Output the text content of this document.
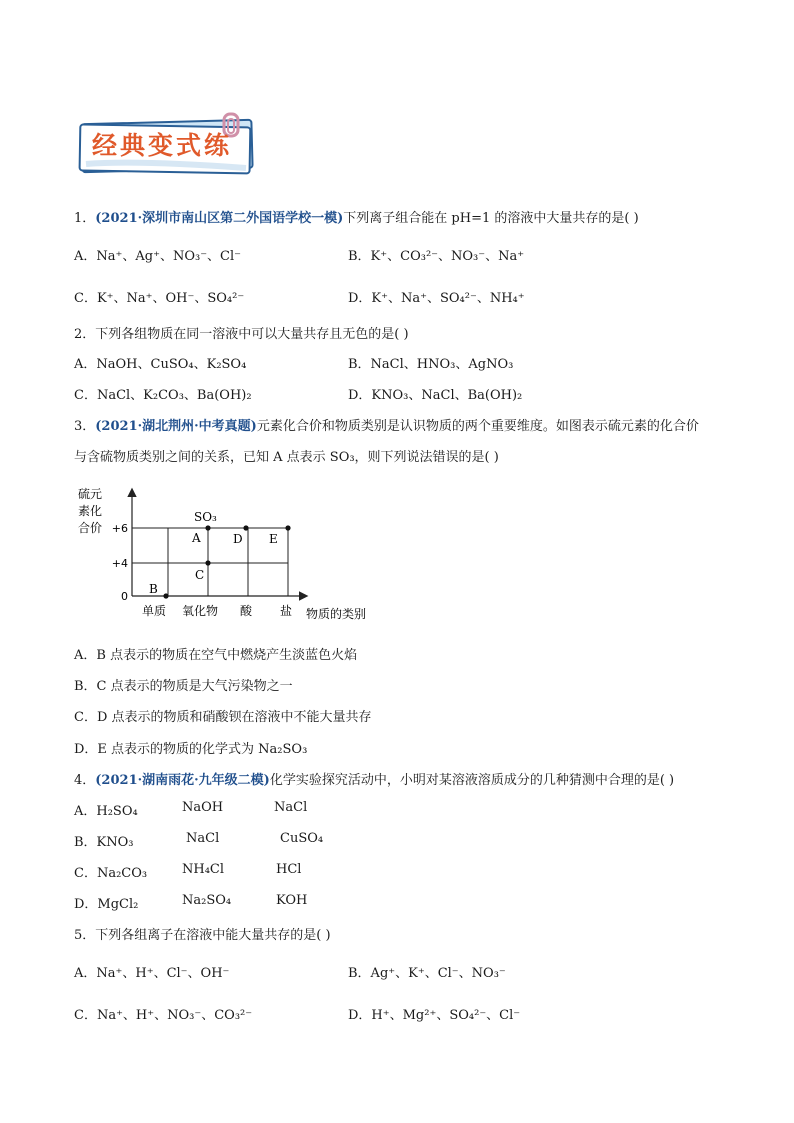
经典变式练
1．(2021·深圳市南山区第二外国语学校一模)下列离子组合能在 pH=1 的溶液中大量共存的是( )
A．Na⁺、Ag⁺、NO₃⁻、Cl⁻	B．K⁺、CO₃²⁻、NO₃⁻、Na⁺
C．K⁺、Na⁺、OH⁻、SO₄²⁻	D．K⁺、Na⁺、SO₄²⁻、NH₄⁺
2．下列各组物质在同一溶液中可以大量共存且无色的是( )
A．NaOH、CuSO₄、K₂SO₄	B．NaCl、HNO₃、AgNO₃
C．NaCl、K₂CO₃、Ba(OH)₂	D．KNO₃、NaCl、Ba(OH)₂
3．(2021·湖北荆州·中考真题)元素化合价和物质类别是认识物质的两个重要维度。如图表示硫元素的化合价
与含硫物质类别之间的关系，已知 A 点表示 SO₃，则下列说法错误的是( )
硫元
素化
合价 +6
+4
0
单质 氧化物 酸 盐 物质的类别
A
B
C
D E
SO₃
A．B 点表示的物质在空气中燃烧产生淡蓝色火焰
B．C 点表示的物质是大气污染物之一
C．D 点表示的物质和硝酸钡在溶液中不能大量共存
D．E 点表示的物质的化学式为 Na₂SO₃
4．(2021·湖南雨花·九年级二模)化学实验探究活动中，小明对某溶液溶质成分的几种猜测中合理的是( )
A．H₂SO₄	NaOH	NaCl
B．KNO₃	NaCl	CuSO₄
C．Na₂CO₃	NH₄Cl	HCl
D．MgCl₂	Na₂SO₄	KOH
5．下列各组离子在溶液中能大量共存的是( )
A．Na⁺、H⁺、Cl⁻、OH⁻	B．Ag⁺、K⁺、Cl⁻、NO₃⁻
C．Na⁺、H⁺、NO₃⁻、CO₃²⁻	D．H⁺、Mg²⁺、SO₄²⁻、Cl⁻
